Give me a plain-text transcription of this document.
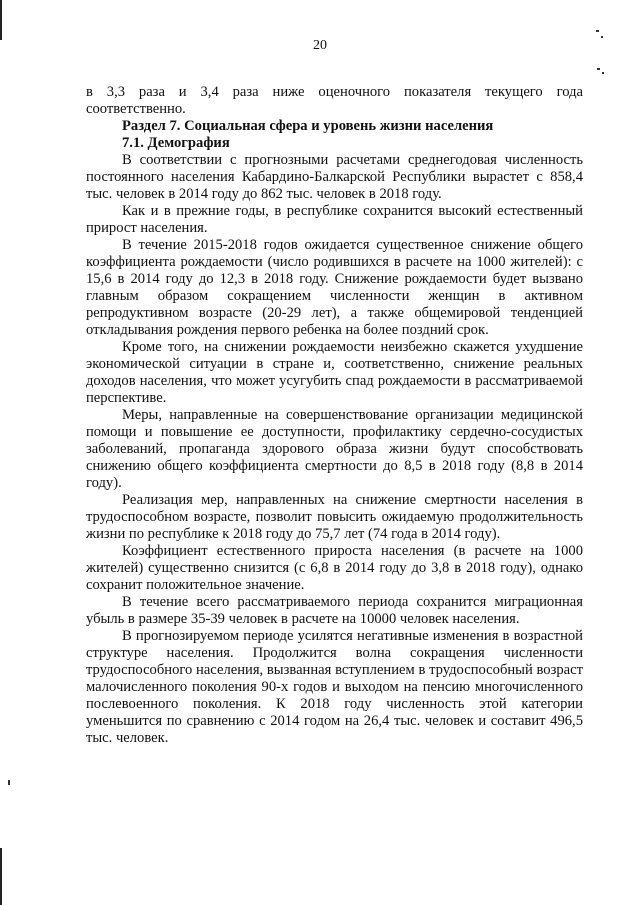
20

в 3,3 раза и 3,4 раза ниже оценочного показателя текущего года соответственно.

Раздел 7. Социальная сфера и уровень жизни населения

7.1. Демография

В соответствии с прогнозными расчетами среднегодовая численность постоянного населения Кабардино-Балкарской Республики вырастет с 858,4 тыс. человек в 2014 году до 862 тыс. человек в 2018 году.

Как и в прежние годы, в республике сохранится высокий естественный прирост населения.

В течение 2015-2018 годов ожидается существенное снижение общего коэффициента рождаемости (число родившихся в расчете на 1000 жителей): с 15,6 в 2014 году до 12,3 в 2018 году. Снижение рождаемости будет вызвано главным образом сокращением численности женщин в активном репродуктивном возрасте (20-29 лет), а также общемировой тенденцией откладывания рождения первого ребенка на более поздний срок.

Кроме того, на снижении рождаемости неизбежно скажется ухудшение экономической ситуации в стране и, соответственно, снижение реальных доходов населения, что может усугубить спад рождаемости в рассматриваемой перспективе.

Меры, направленные на совершенствование организации медицинской помощи и повышение ее доступности, профилактику сердечно-сосудистых заболеваний, пропаганда здорового образа жизни будут способствовать снижению общего коэффициента смертности до 8,5 в 2018 году (8,8 в 2014 году).

Реализация мер, направленных на снижение смертности населения в трудоспособном возрасте, позволит повысить ожидаемую продолжительность жизни по республике к 2018 году до 75,7 лет (74 года в 2014 году).

Коэффициент естественного прироста населения (в расчете на 1000 жителей) существенно снизится (с 6,8 в 2014 году до 3,8 в 2018 году), однако сохранит положительное значение.

В течение всего рассматриваемого периода сохранится миграционная убыль в размере 35-39 человек в расчете на 10000 человек населения.

В прогнозируемом периоде усилятся негативные изменения в возрастной структуре населения. Продолжится волна сокращения численности трудоспособного населения, вызванная вступлением в трудоспособный возраст малочисленного поколения 90-х годов и выходом на пенсию многочисленного послевоенного поколения. К 2018 году численность этой категории уменьшится по сравнению с 2014 годом на 26,4 тыс. человек и составит 496,5 тыс. человек.
